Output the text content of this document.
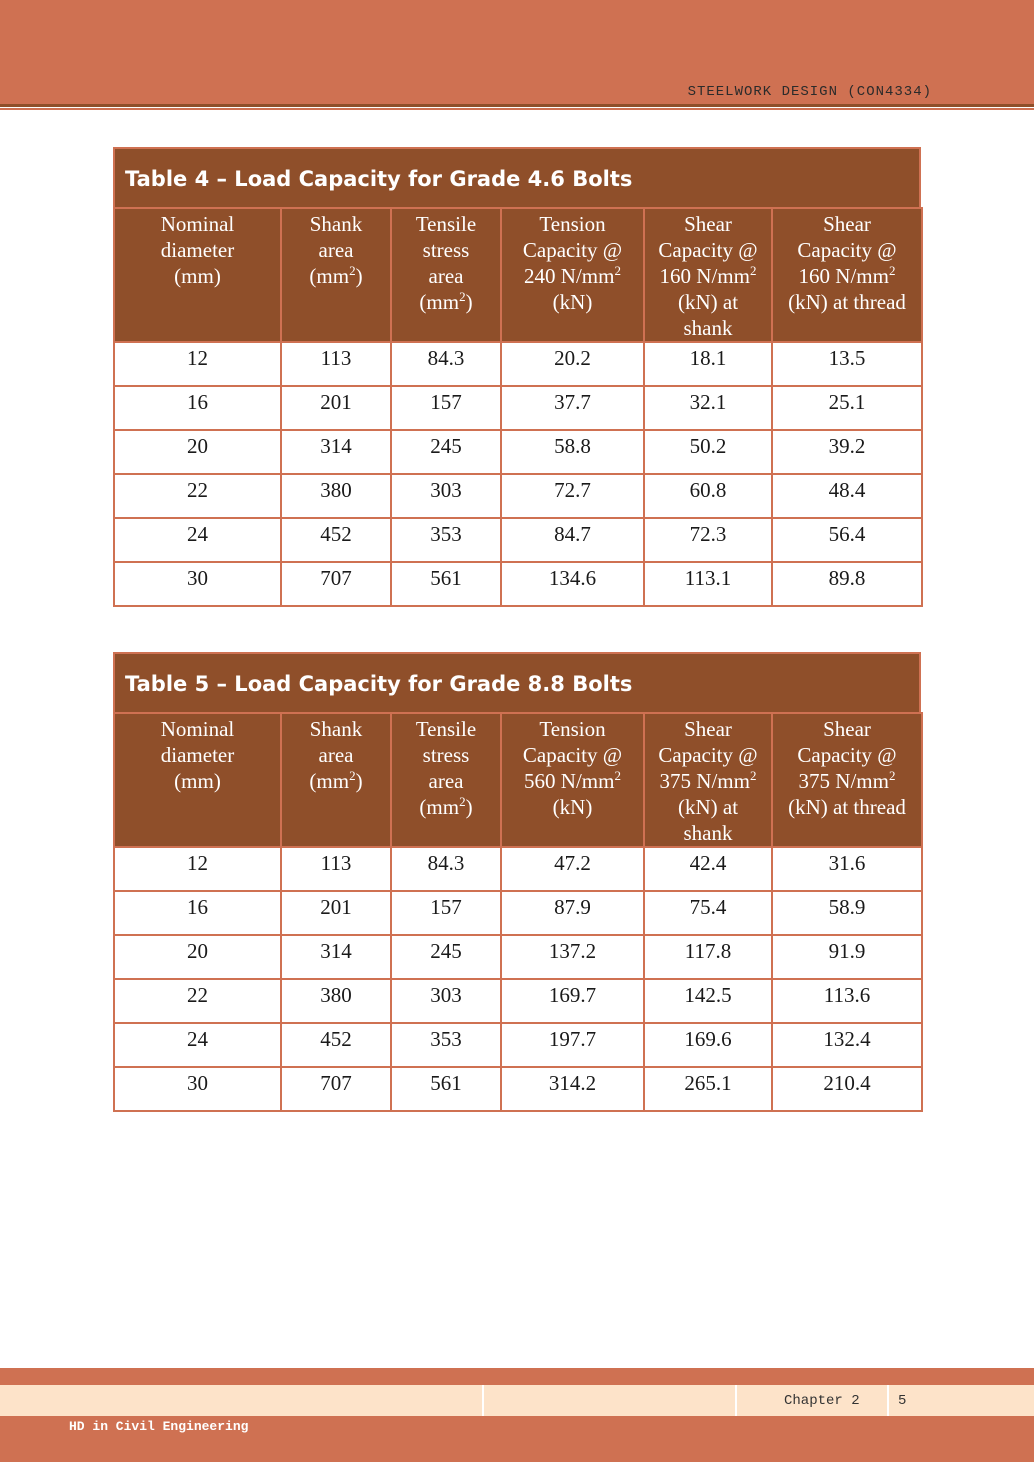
STEELWORK DESIGN (CON4334)
Table 4 – Load Capacity for Grade 4.6 Bolts
Nominal
diameter
(mm)	Shank
area
$(mm^2)$	Tensile
stress
area
$(mm^2)$	Tension
Capacity @
240 $N/mm^2$
(kN)	Shear
Capacity @
160 $N/mm^2$
(kN) at
shank	Shear
Capacity @
160 $N/mm^2$
(kN) at thread
12	113	84.3	20.2	18.1	13.5
16	201	157	37.7	32.1	25.1
20	314	245	58.8	50.2	39.2
22	380	303	72.7	60.8	48.4
24	452	353	84.7	72.3	56.4
30	707	561	134.6	113.1	89.8
Table 5 – Load Capacity for Grade 8.8 Bolts
Nominal
diameter
(mm)	Shank
area
$(mm^2)$	Tensile
stress
area
$(mm^2)$	Tension
Capacity @
560 $N/mm^2$
(kN)	Shear
Capacity @
375 $N/mm^2$
(kN) at
shank	Shear
Capacity @
375 $N/mm^2$
(kN) at thread
12	113	84.3	47.2	42.4	31.6
16	201	157	87.9	75.4	58.9
20	314	245	137.2	117.8	91.9
22	380	303	169.7	142.5	113.6
24	452	353	197.7	169.6	132.4
30	707	561	314.2	265.1	210.4
Chapter 2	5
HD in Civil Engineering
